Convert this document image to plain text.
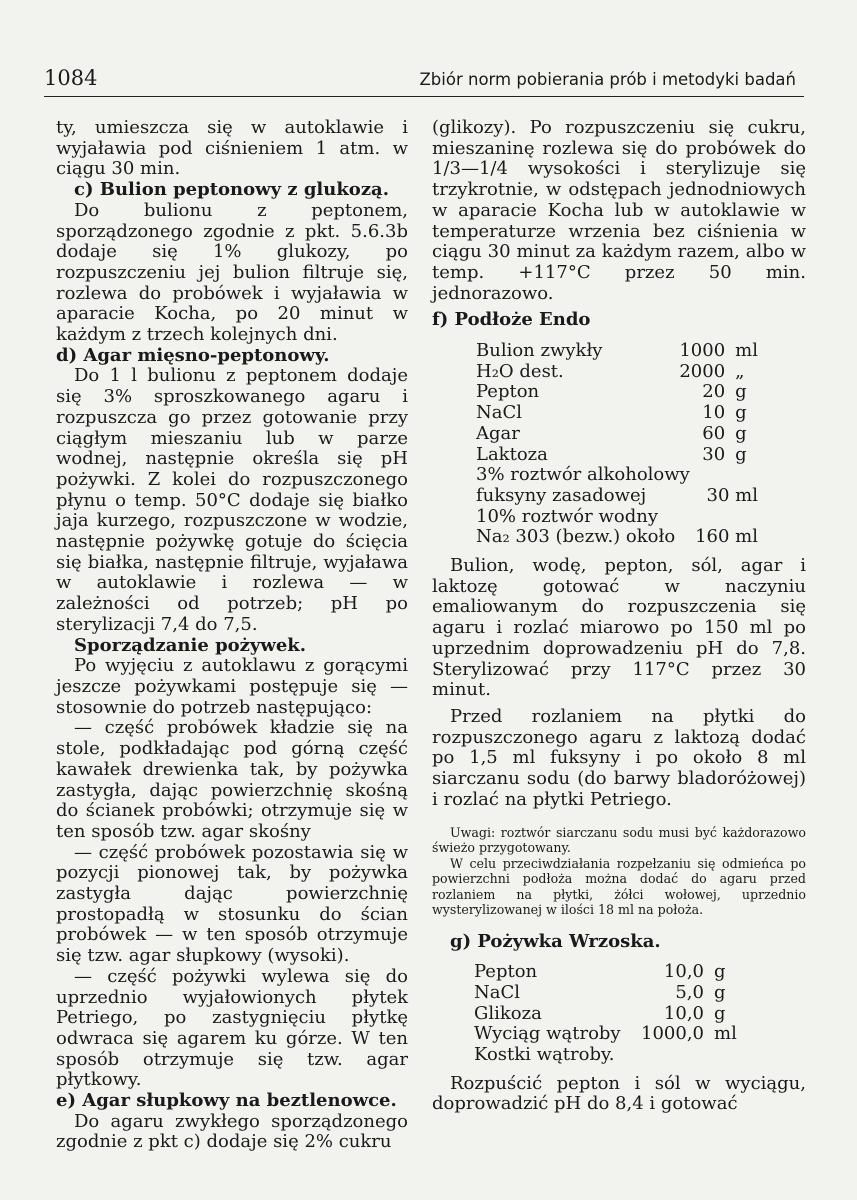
1084	Zbiór norm pobierania prób i metodyki badań

ty, umieszcza się w autoklawie i wyjaławia pod ciśnieniem 1 atm. w ciągu 30 min.

c) Bulion peptonowy z glukozą.

Do bulionu z peptonem, sporządzonego zgodnie z pkt. 5.6.3b dodaje się 1% glukozy, po rozpuszczeniu jej bulion filtruje się, rozlewa do probówek i wyjaławia w aparacie Kocha, po 20 minut w każdym z trzech kolejnych dni.

d) Agar mięsno-peptonowy.

Do 1 l bulionu z peptonem dodaje się 3% sproszkowanego agaru i rozpuszcza go przez gotowanie przy ciągłym mieszaniu lub w parze wodnej, następnie określa się pH pożywki. Z kolei do rozpuszczonego płynu o temp. 50°C dodaje się białko jaja kurzego, rozpuszczone w wodzie, następnie pożywkę gotuje do ścięcia się białka, następnie filtruje, wyjaława w autoklawie i rozlewa — w zależności od potrzeb; pH po sterylizacji 7,4 do 7,5.

Sporządzanie pożywek.

Po wyjęciu z autoklawu z gorącymi jeszcze pożywkami postępuje się — stosownie do potrzeb następująco:

— część probówek kładzie się na stole, podkładając pod górną część kawałek drewienka tak, by pożywka zastygła, dając powierzchnię skośną do ścianek probówki; otrzymuje się w ten sposób tzw. agar skośny

— część probówek pozostawia się w pozycji pionowej tak, by pożywka zastygła dając powierzchnię prostopadłą w stosunku do ścian probówek — w ten sposób otrzymuje się tzw. agar słupkowy (wysoki).

— część pożywki wylewa się do uprzednio wyjałowionych płytek Petriego, po zastygnięciu płytkę odwraca się agarem ku górze. W ten sposób otrzymuje się tzw. agar płytkowy.

e) Agar słupkowy na beztlenowce.

Do agaru zwykłego sporządzonego zgodnie z pkt c) dodaje się 2% cukru

(glikozy). Po rozpuszczeniu się cukru, mieszaninę rozlewa się do probówek do 1/3—1/4 wysokości i sterylizuje się trzykrotnie, w odstępach jednodniowych w aparacie Kocha lub w autoklawie w temperaturze wrzenia bez ciśnienia w ciągu 30 minut za każdym razem, albo w temp. +117°C przez 50 min. jednorazowo.

f) Podłoże Endo

Bulion zwykły	1000	ml
H₂O dest.	2000	„
Pepton	20	g
NaCl	10	g
Agar	60	g
Laktoza	30	g
3% roztwór alkoholowy		
fuksyny zasadowej	30 ml	
10% roztwór wodny		
Na₂ 303 (bezw.) około	160 ml	

Bulion, wodę, pepton, sól, agar i laktozę gotować w naczyniu emaliowanym do rozpuszczenia się agaru i rozlać miarowo po 150 ml po uprzednim doprowadzeniu pH do 7,8. Sterylizować przy 117°C przez 30 minut.

Przed rozlaniem na płytki do rozpuszczonego agaru z laktozą dodać po 1,5 ml fuksyny i po około 8 ml siarczanu sodu (do barwy bladoróżowej) i rozlać na płytki Petriego.

Uwagi: roztwór siarczanu sodu musi być każdorazowo świeżo przygotowany.

W celu przeciwdziałania rozpełzaniu się odmieńca po powierzchni podłoża można dodać do agaru przed rozlaniem na płytki, żółci wołowej, uprzednio wysterylizowanej w ilości 18 ml na położa.

g) Pożywka Wrzoska.

Pepton	10,0	g
NaCl	5,0	g
Glikoza	10,0	g
Wyciąg wątroby	1000,0	ml
Kostki wątroby.		

Rozpuścić pepton i sól w wyciągu, doprowadzić pH do 8,4 i gotować
